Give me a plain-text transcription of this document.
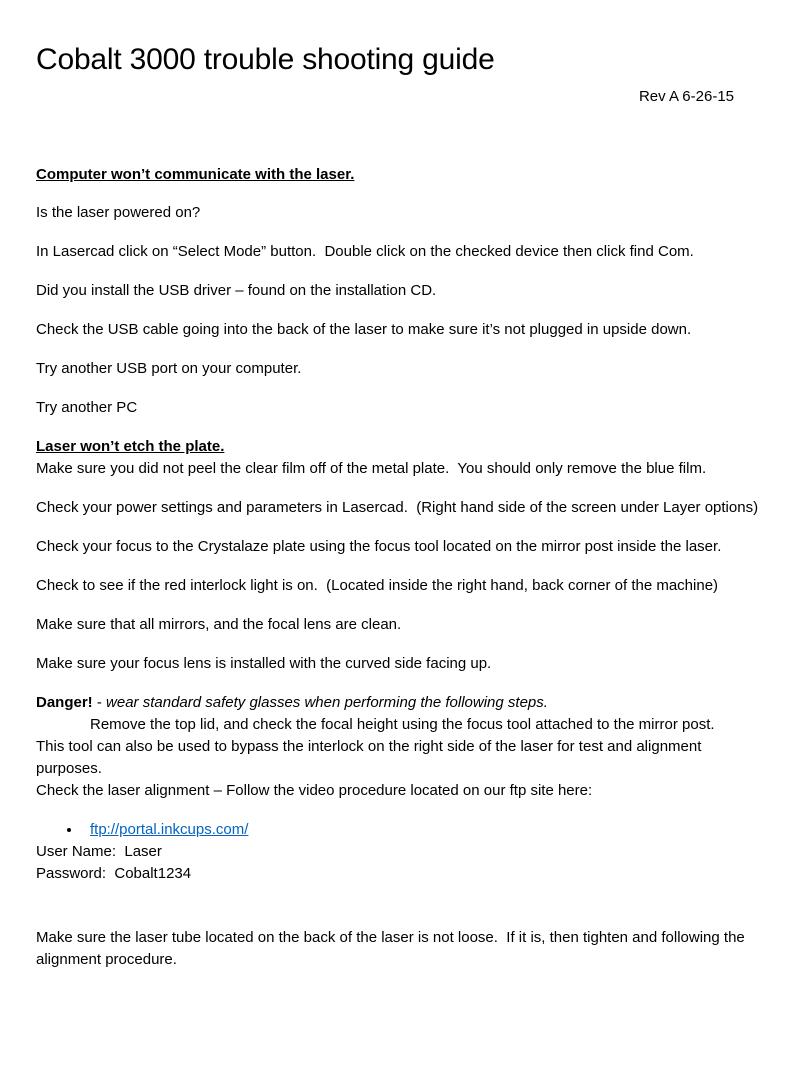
Cobalt 3000 trouble shooting guide

Rev A 6-26-15

Computer won’t communicate with the laser.

Is the laser powered on?

In Lasercad click on “Select Mode” button.  Double click on the checked device then click find Com.

Did you install the USB driver – found on the installation CD.

Check the USB cable going into the back of the laser to make sure it’s not plugged in upside down.

Try another USB port on your computer.

Try another PC

Laser won’t etch the plate.

Make sure you did not peel the clear film off of the metal plate.  You should only remove the blue film.

Check your power settings and parameters in Lasercad.  (Right hand side of the screen under Layer options)

Check your focus to the Crystalaze plate using the focus tool located on the mirror post inside the laser.

Check to see if the red interlock light is on.  (Located inside the right hand, back corner of the machine)

Make sure that all mirrors, and the focal lens are clean.

Make sure your focus lens is installed with the curved side facing up.

Danger! - wear standard safety glasses when performing the following steps.

Remove the top lid, and check the focal height using the focus tool attached to the mirror post.
This tool can also be used to bypass the interlock on the right side of the laser for test and alignment purposes.

Check the laser alignment – Follow the video procedure located on our ftp site here:

• ftp://portal.inkcups.com/

User Name:  Laser

Password:  Cobalt1234

Make sure the laser tube located on the back of the laser is not loose.  If it is, then tighten and following the alignment procedure.
